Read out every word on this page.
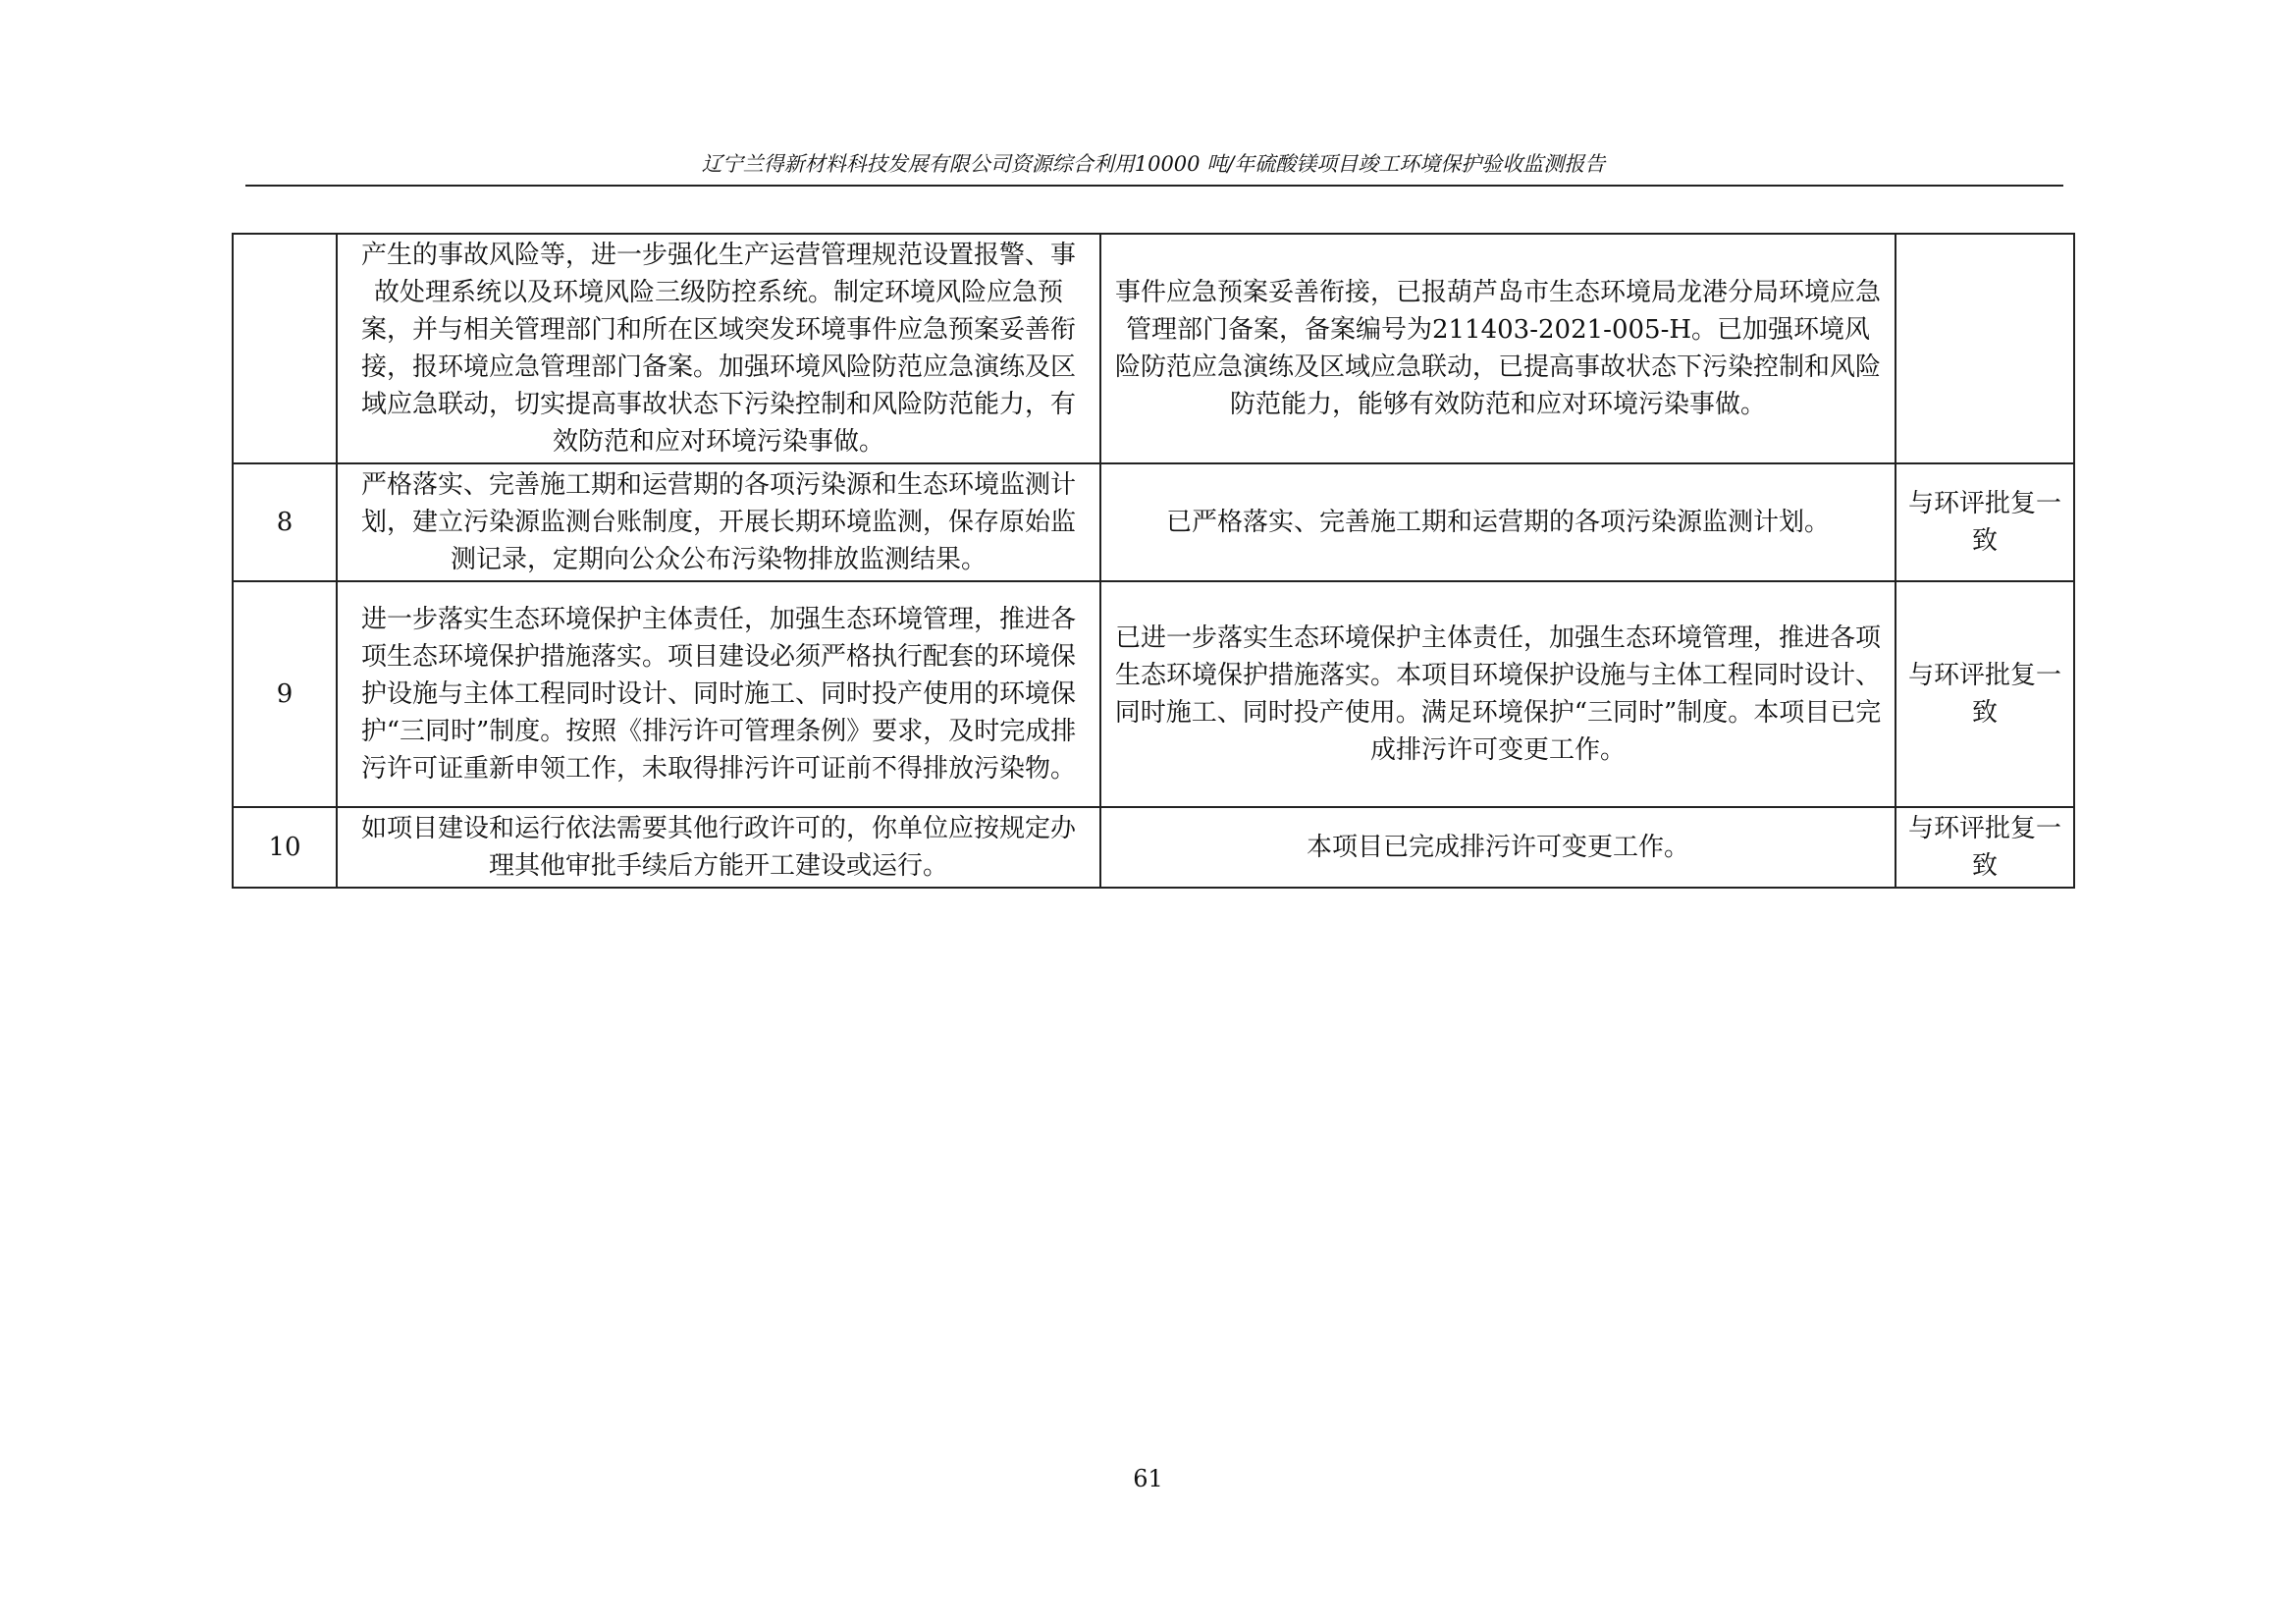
辽宁兰得新材料科技发展有限公司资源综合利用10000 吨/年硫酸镁项目竣工环境保护验收监测报告
	产生的事故风险等，进一步强化生产运营管理规范设置报警、事故处理系统以及环境风险三级防控系统。制定环境风险应急预案，并与相关管理部门和所在区域突发环境事件应急预案妥善衔接，报环境应急管理部门备案。加强环境风险防范应急演练及区域应急联动，切实提高事故状态下污染控制和风险防范能力，有效防范和应对环境污染事做。	事件应急预案妥善衔接，已报葫芦岛市生态环境局龙港分局环境应急管理部门备案，备案编号为211403-2021-005-H。已加强环境风险防范应急演练及区域应急联动，已提高事故状态下污染控制和风险防范能力，能够有效防范和应对环境污染事做。	
8	严格落实、完善施工期和运营期的各项污染源和生态环境监测计划，建立污染源监测台账制度，开展长期环境监测，保存原始监测记录，定期向公众公布污染物排放监测结果。	已严格落实、完善施工期和运营期的各项污染源监测计划。	与环评批复一致
9	进一步落实生态环境保护主体责任，加强生态环境管理，推进各项生态环境保护措施落实。项目建设必须严格执行配套的环境保护设施与主体工程同时设计、同时施工、同时投产使用的环境保护“三同时”制度。按照《排污许可管理条例》要求，及时完成排污许可证重新申领工作，未取得排污许可证前不得排放污染物。	已进一步落实生态环境保护主体责任，加强生态环境管理，推进各项生态环境保护措施落实。本项目环境保护设施与主体工程同时设计、同时施工、同时投产使用。满足环境保护“三同时”制度。本项目已完成排污许可变更工作。	与环评批复一致
10	如项目建设和运行依法需要其他行政许可的，你单位应按规定办理其他审批手续后方能开工建设或运行。	本项目已完成排污许可变更工作。	与环评批复一致
61
